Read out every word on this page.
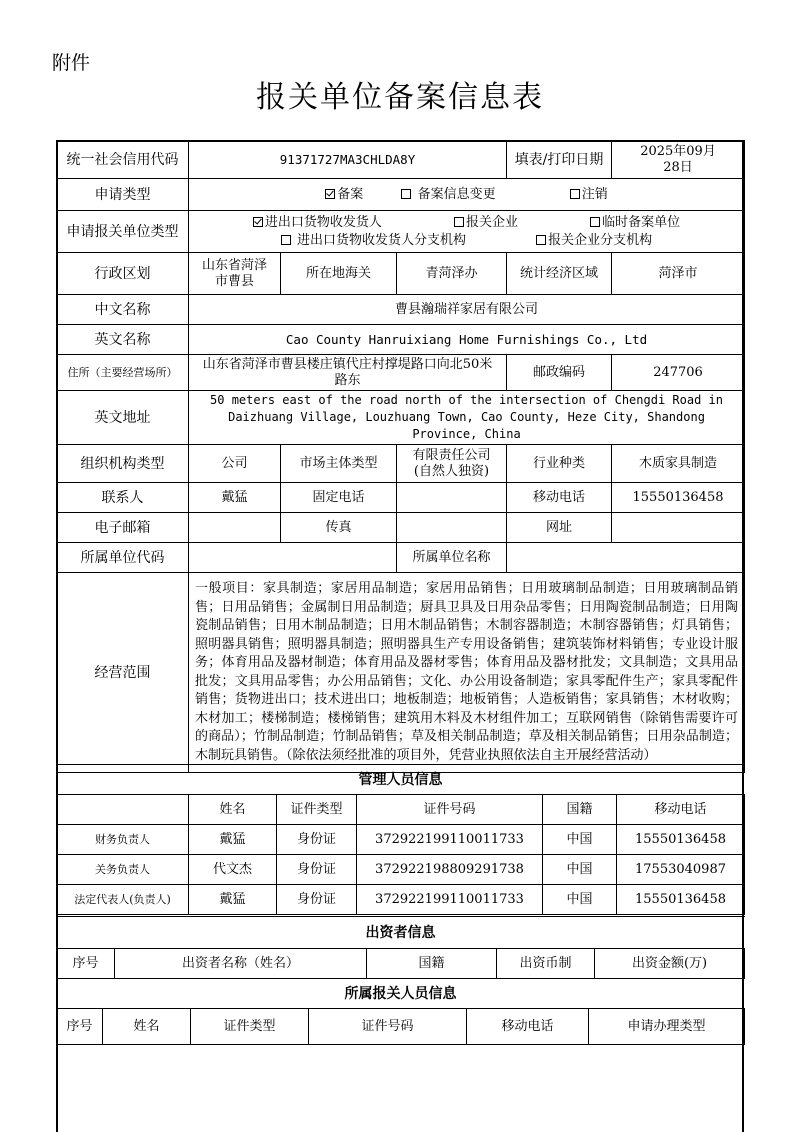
附件
报关单位备案信息表
统一社会信用代码	91371727MA3CHLDA8Y			填表/打印日期	2025年09月
28日
申请类型	备案 备案信息变更 注销				
申请报关单位类型	进出口货物收发货人 报关企业 临时备案单位
进出口货物收发货人分支机构 报关企业分支机构				

行政区划	山东省菏泽
市曹县	所在地海关	青菏泽办	统计经济区域	菏泽市
中文名称	曹县瀚瑞祥家居有限公司				
英文名称	Cao County Hanruixiang Home Furnishings Co., Ltd				
住所（主要经营场所）	山东省菏泽市曹县楼庄镇代庄村撑堤路口向北50米路东			邮政编码	247706
英文地址	50 meters east of the road north of the intersection of Chengdi Road in Daizhuang Village, Louzhuang Town, Cao County, Heze City, Shandong Province, China				
组织机构类型	公司	市场主体类型	有限责任公司
(自然人独资)	行业种类	木质家具制造
联系人	戴猛	固定电话		移动电话	15550136458
电子邮箱		传真		网址	
所属单位代码			所属单位名称		
经营范围	一般项目：家具制造；家居用品制造；家居用品销售；日用玻璃制品制造；日用玻璃制品销售；日用品销售；金属制日用品制造；厨具卫具及日用杂品零售；日用陶瓷制品制造；日用陶瓷制品销售；日用木制品制造；日用木制品销售；木制容器制造；木制容器销售；灯具销售；照明器具销售；照明器具制造；照明器具生产专用设备销售；建筑装饰材料销售；专业设计服务；体育用品及器材制造；体育用品及器材零售；体育用品及器材批发；文具制造；文具用品批发；文具用品零售；办公用品销售；文化、办公用设备制造；家具零配件生产；家具零配件销售；货物进出口；技术进出口；地板制造；地板销售；人造板销售；家具销售；木材收购；木材加工；楼梯制造；楼梯销售；建筑用木料及木材组件加工；互联网销售（除销售需要许可的商品）；竹制品制造；竹制品销售；草及相关制品制造；草及相关制品销售；日用杂品制造；木制玩具销售。（除依法须经批准的项目外，凭营业执照依法自主开展经营活动）				
管理人员信息					
	姓名	证件类型	证件号码	国籍	移动电话
财务负责人	戴猛	身份证	372922199110011733	中国	15550136458
关务负责人	代文杰	身份证	372922198809291738	中国	17553040987
法定代表人(负责人)	戴猛	身份证	372922199110011733	中国	15550136458
出资者信息
序号	出资者名称（姓名）	国籍	出资币制	出资金额(万)
所属报关人员信息
序号	姓名	证件类型	证件号码	移动电话	申请办理类型
